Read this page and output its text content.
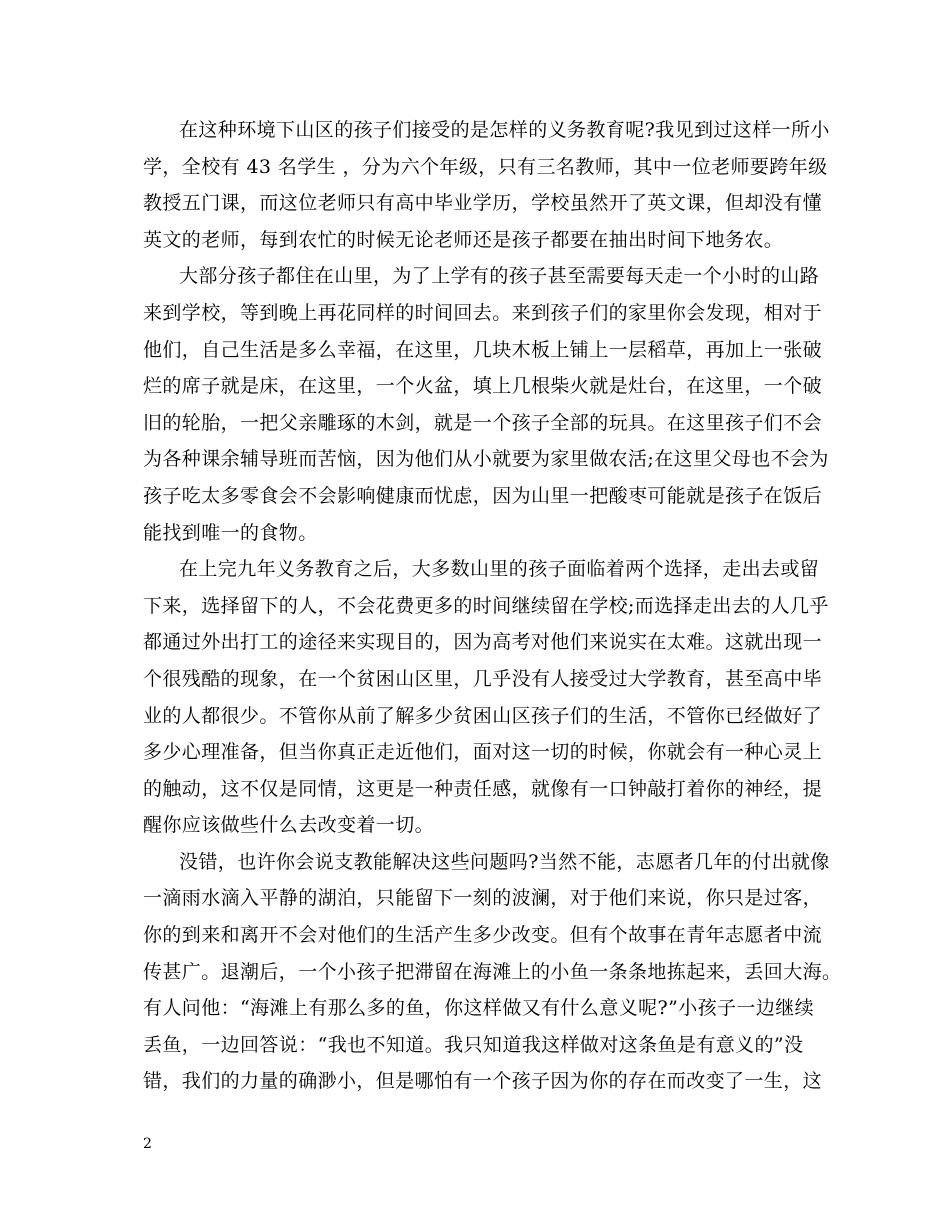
在这种环境下山区的孩子们接受的是怎样的义务教育呢?我见到过这样一所小
学，全校有 43 名学生 ，分为六个年级，只有三名教师，其中一位老师要跨年级
教授五门课，而这位老师只有高中毕业学历，学校虽然开了英文课，但却没有懂
英文的老师，每到农忙的时候无论老师还是孩子都要在抽出时间下地务农。
大部分孩子都住在山里，为了上学有的孩子甚至需要每天走一个小时的山路
来到学校，等到晚上再花同样的时间回去。来到孩子们的家里你会发现，相对于
他们，自己生活是多么幸福，在这里，几块木板上铺上一层稻草，再加上一张破
烂的席子就是床，在这里，一个火盆，填上几根柴火就是灶台，在这里，一个破
旧的轮胎，一把父亲雕琢的木剑，就是一个孩子全部的玩具。在这里孩子们不会
为各种课余辅导班而苦恼，因为他们从小就要为家里做农活;在这里父母也不会为
孩子吃太多零食会不会影响健康而忧虑，因为山里一把酸枣可能就是孩子在饭后
能找到唯一的食物。
在上完九年义务教育之后，大多数山里的孩子面临着两个选择，走出去或留
下来，选择留下的人，不会花费更多的时间继续留在学校;而选择走出去的人几乎
都通过外出打工的途径来实现目的，因为高考对他们来说实在太难。这就出现一
个很残酷的现象，在一个贫困山区里，几乎没有人接受过大学教育，甚至高中毕
业的人都很少。不管你从前了解多少贫困山区孩子们的生活，不管你已经做好了
多少心理准备，但当你真正走近他们，面对这一切的时候，你就会有一种心灵上
的触动，这不仅是同情，这更是一种责任感，就像有一口钟敲打着你的神经，提
醒你应该做些什么去改变着一切。
没错，也许你会说支教能解决这些问题吗?当然不能，志愿者几年的付出就像
一滴雨水滴入平静的湖泊，只能留下一刻的波澜，对于他们来说，你只是过客，
你的到来和离开不会对他们的生活产生多少改变。但有个故事在青年志愿者中流
传甚广。退潮后，一个小孩子把滞留在海滩上的小鱼一条条地拣起来，丢回大海。
有人问他：“海滩上有那么多的鱼，你这样做又有什么意义呢?”小孩子一边继续
丢鱼，一边回答说：“我也不知道。我只知道我这样做对这条鱼是有意义的”没
错，我们的力量的确渺小，但是哪怕有一个孩子因为你的存在而改变了一生，这
2
